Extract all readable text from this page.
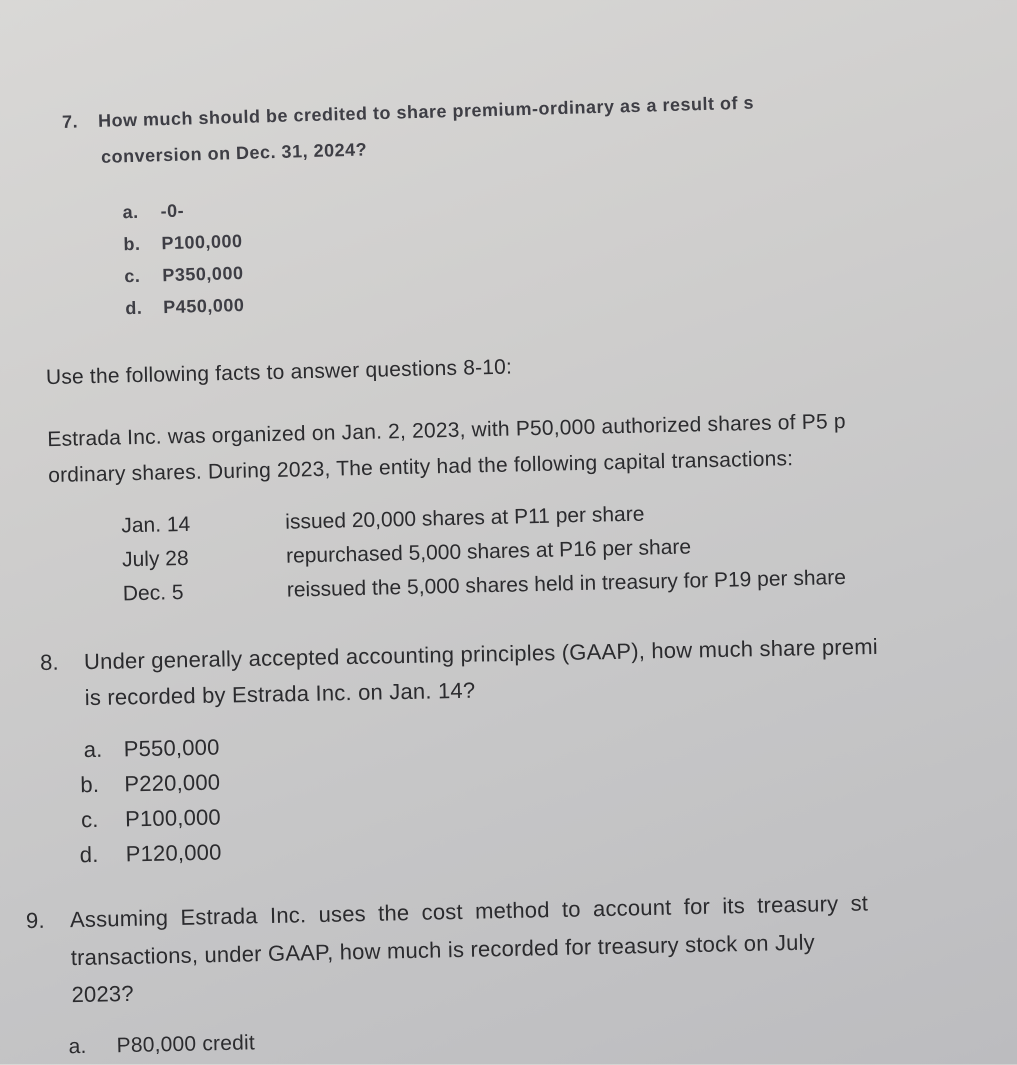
7. How much should be credited to share premium-ordinary as a result of s
conversion on Dec. 31, 2024?
a. -0-
b. P100,000
c. P350,000
d. P450,000
Use the following facts to answer questions 8-10:
Estrada Inc. was organized on Jan. 2, 2023, with P50,000 authorized shares of P5 p
ordinary shares. During 2023, The entity had the following capital transactions:
Jan. 14	issued 20,000 shares at P11 per share
July 28	repurchased 5,000 shares at P16 per share
Dec. 5	reissued the 5,000 shares held in treasury for P19 per share
8. Under generally accepted accounting principles (GAAP), how much share premi
is recorded by Estrada Inc. on Jan. 14?
a. P550,000
b. P220,000
c. P100,000
d. P120,000
9. Assuming Estrada Inc. uses the cost method to account for its treasury st
transactions, under GAAP, how much is recorded for treasury stock on July
2023?
a. P80,000 credit
